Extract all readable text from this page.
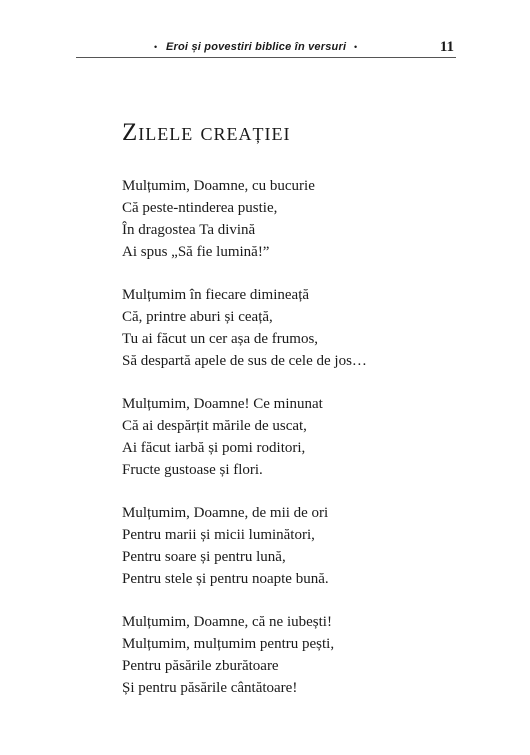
• Eroi și povestiri biblice în versuri •	11
Zilele creației
Mulțumim, Doamne, cu bucurie
Că peste-ntinderea pustie,
În dragostea Ta divină
Ai spus „Să fie lumină!”
Mulțumim în fiecare dimineață
Că, printre aburi și ceață,
Tu ai făcut un cer așa de frumos,
Să despartă apele de sus de cele de jos…
Mulțumim, Doamne! Ce minunat
Că ai despărțit mările de uscat,
Ai făcut iarbă și pomi roditori,
Fructe gustoase și flori.
Mulțumim, Doamne, de mii de ori
Pentru marii și micii luminători,
Pentru soare și pentru lună,
Pentru stele și pentru noapte bună.
Mulțumim, Doamne, că ne iubești!
Mulțumim, mulțumim pentru pești,
Pentru păsările zburătoare
Și pentru păsările cântătoare!
